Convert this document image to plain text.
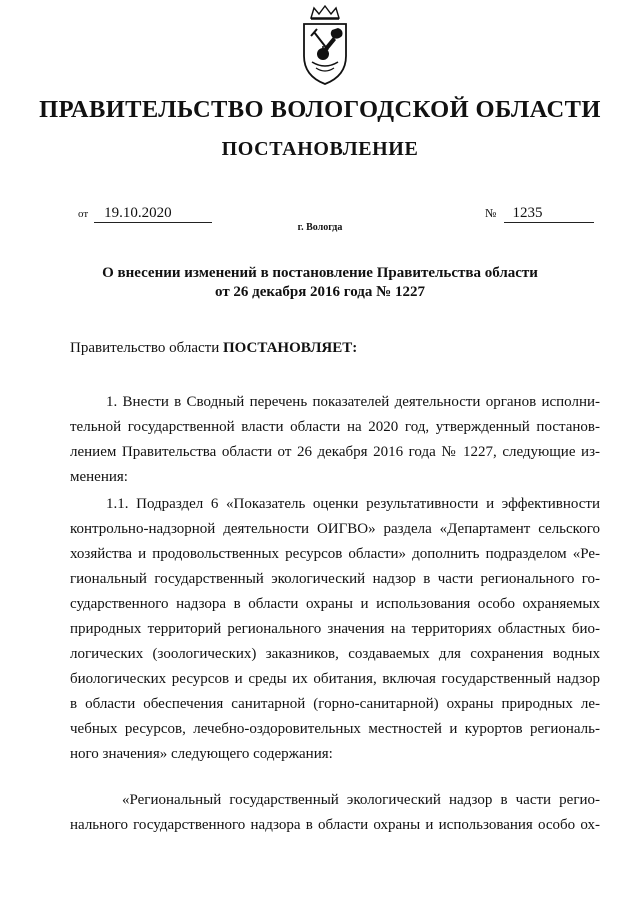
ПРАВИТЕЛЬСТВО ВОЛОГОДСКОЙ ОБЛАСТИ
ПОСТАНОВЛЕНИЕ
от 19.10.2020	№ 1235
г. Вологда
О внесении изменений в постановление Правительства области
от 26 декабря 2016 года № 1227
Правительство области ПОСТАНОВЛЯЕТ:
1. Внести в Сводный перечень показателей деятельности органов исполни-
тельной государственной власти области на 2020 год, утвержденный постанов-
лением Правительства области от 26 декабря 2016 года № 1227, следующие из-
менения:
1.1. Подраздел 6 «Показатель оценки результативности и эффективности
контрольно-надзорной деятельности ОИГВО» раздела «Департамент сельского
хозяйства и продовольственных ресурсов области» дополнить подразделом «Ре-
гиональный государственный экологический надзор в части регионального го-
сударственного надзора в области охраны и использования особо охраняемых
природных территорий регионального значения на территориях областных био-
логических (зоологических) заказников, создаваемых для сохранения водных
биологических ресурсов и среды их обитания, включая государственный надзор
в области обеспечения санитарной (горно-санитарной) охраны природных ле-
чебных ресурсов, лечебно-оздоровительных местностей и курортов региональ-
ного значения» следующего содержания:
«Региональный государственный экологический надзор в части регио-
нального государственного надзора в области охраны и использования особо ох-
